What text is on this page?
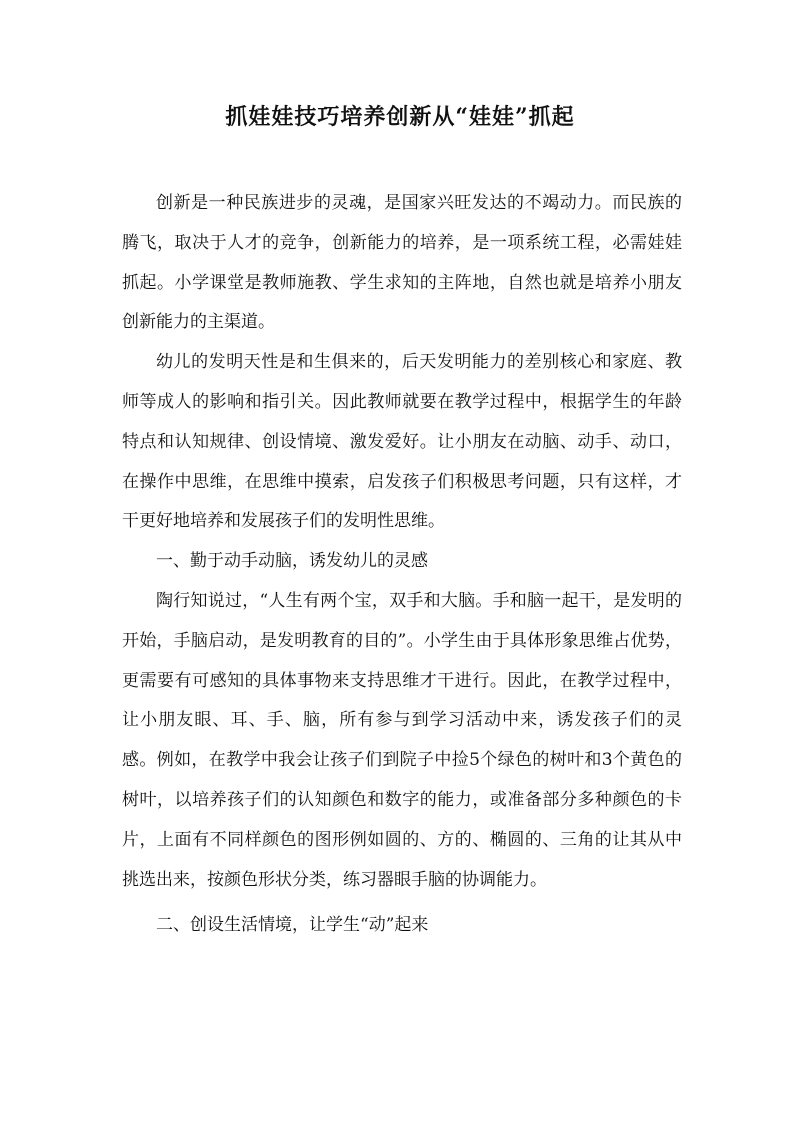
抓娃娃技巧培养创新从“娃娃”抓起

创新是一种民族进步的灵魂，是国家兴旺发达的不竭动力。而民族的腾飞，取决于人才的竞争，创新能力的培养，是一项系统工程，必需娃娃抓起。小学课堂是教师施教、学生求知的主阵地，自然也就是培养小朋友创新能力的主渠道。

幼儿的发明天性是和生俱来的，后天发明能力的差别核心和家庭、教师等成人的影响和指引关。因此教师就要在教学过程中，根据学生的年龄特点和认知规律、创设情境、激发爱好。让小朋友在动脑、动手、动口，在操作中思维，在思维中摸索，启发孩子们积极思考问题，只有这样，才干更好地培养和发展孩子们的发明性思维。

一、勤于动手动脑，诱发幼儿的灵感

陶行知说过，“人生有两个宝，双手和大脑。手和脑一起干，是发明的开始，手脑启动，是发明教育的目的”。小学生由于具体形象思维占优势，更需要有可感知的具体事物来支持思维才干进行。因此，在教学过程中，让小朋友眼、耳、手、脑，所有参与到学习活动中来，诱发孩子们的灵感。例如，在教学中我会让孩子们到院子中捡5个绿色的树叶和3个黄色的树叶，以培养孩子们的认知颜色和数字的能力，或准备部分多种颜色的卡片，上面有不同样颜色的图形例如圆的、方的、椭圆的、三角的让其从中挑选出来，按颜色形状分类，练习器眼手脑的协调能力。

二、创设生活情境，让学生“动”起来
